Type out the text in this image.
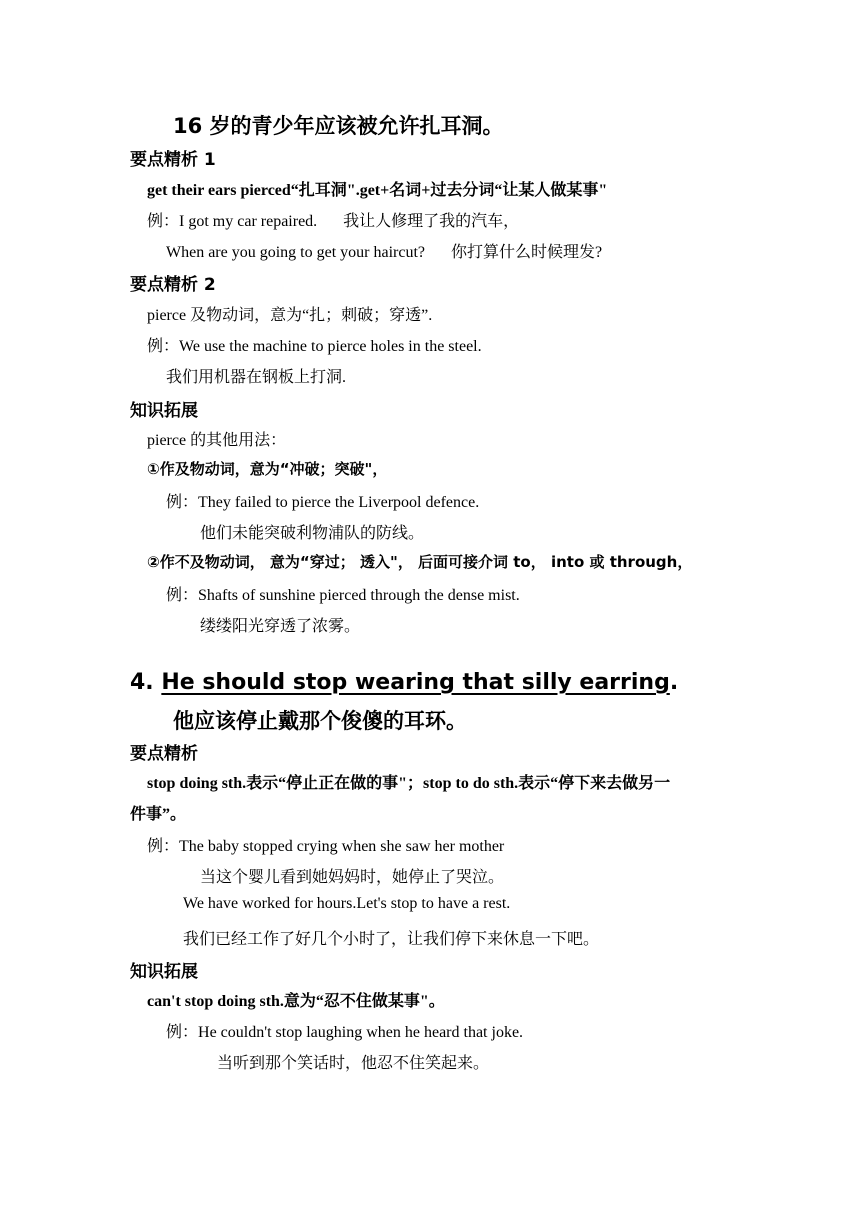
16 岁的青少年应该被允许扎耳洞。
要点精析 1
get their ears pierced“扎耳洞".get+名词+过去分词“让某人做某事"
例：I got my car repaired. 我让人修理了我的汽车，
When are you going to get your haircut? 你打算什么时候理发?
要点精析 2
pierce 及物动词，意为“扎；刺破；穿透”.
例：We use the machine to pierce holes in the steel.
我们用机器在钢板上打洞.
知识拓展
pierce 的其他用法：
①作及物动词，意为“冲破；突破"，
例：They failed to pierce the Liverpool defence.
他们未能突破利物浦队的防线。
②作不及物动词， 意为“穿过； 透入"， 后面可接介词 to， into 或 through，
例：Shafts of sunshine pierced through the dense mist.
缕缕阳光穿透了浓雾。
4. He should stop wearing that silly earring.
他应该停止戴那个俊傻的耳环。
要点精析
stop doing sth.表示“停止正在做的事"；stop to do sth.表示“停下来去做另一
件事”。
例：The baby stopped crying when she saw her mother
当这个婴儿看到她妈妈时，她停止了哭泣。
We have worked for hours.Let's stop to have a rest.
我们已经工作了好几个小时了，让我们停下来休息一下吧。
知识拓展
can't stop doing sth.意为“忍不住做某事"。
例：He couldn't stop laughing when he heard that joke.
当听到那个笑话时，他忍不住笑起来。
